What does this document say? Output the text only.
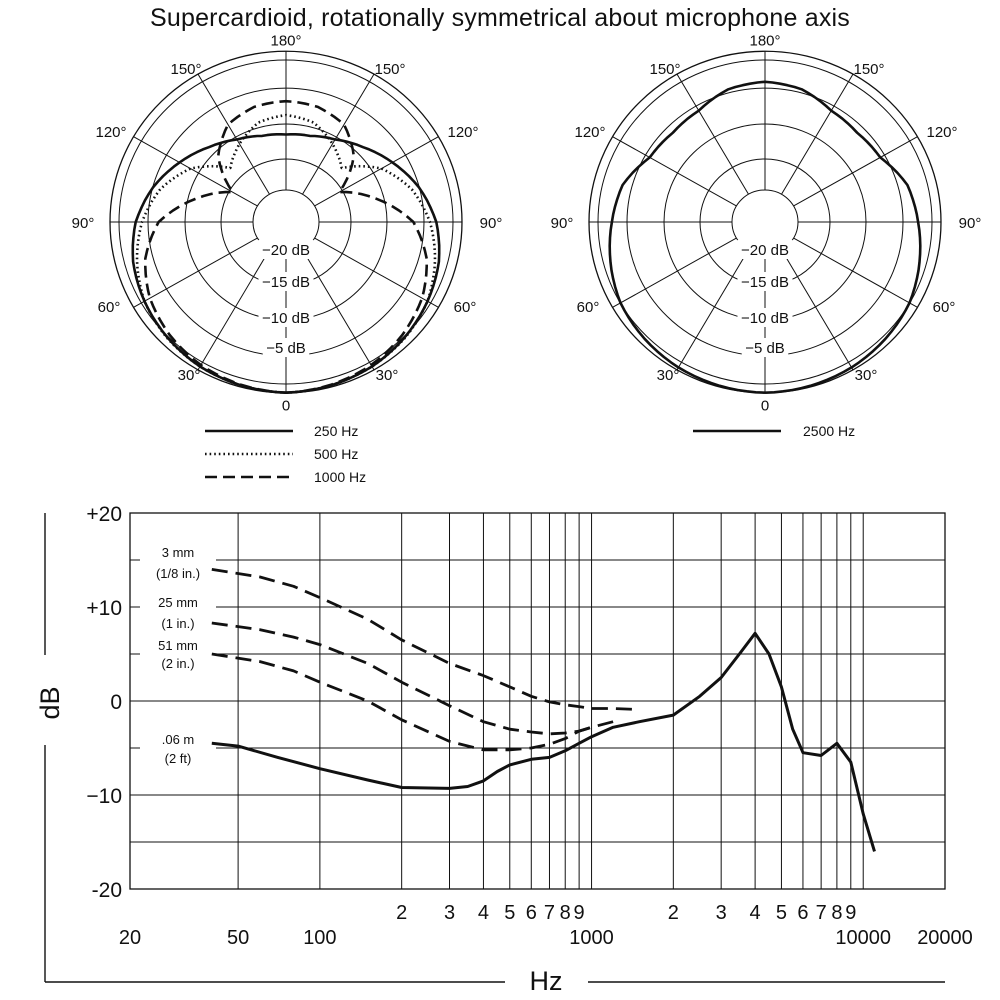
Supercardioid, rotationally symmetrical about microphone axis
180°
0
150°	150°
120°	120°
90°	90°
60°	60°
30°	30°
−20 dB
−15 dB
−10 dB
−5 dB
180°
0
150°	150°
120°	120°
90°	90°
60°	60°
30°	30°
−20 dB
−15 dB
−10 dB
−5 dB
250 Hz
500 Hz
1000 Hz
2500 Hz
+20
+10
0
−10
-20
dB
2 3 4 5 6 7 8 9	2 3 4 5 6 7 8 9
20	50	100	1000	10000 20000
Hz
3 mm
(1/8 in.)
25 mm
(1 in.)
51 mm
(2 in.)
.06 m
(2 ft)
